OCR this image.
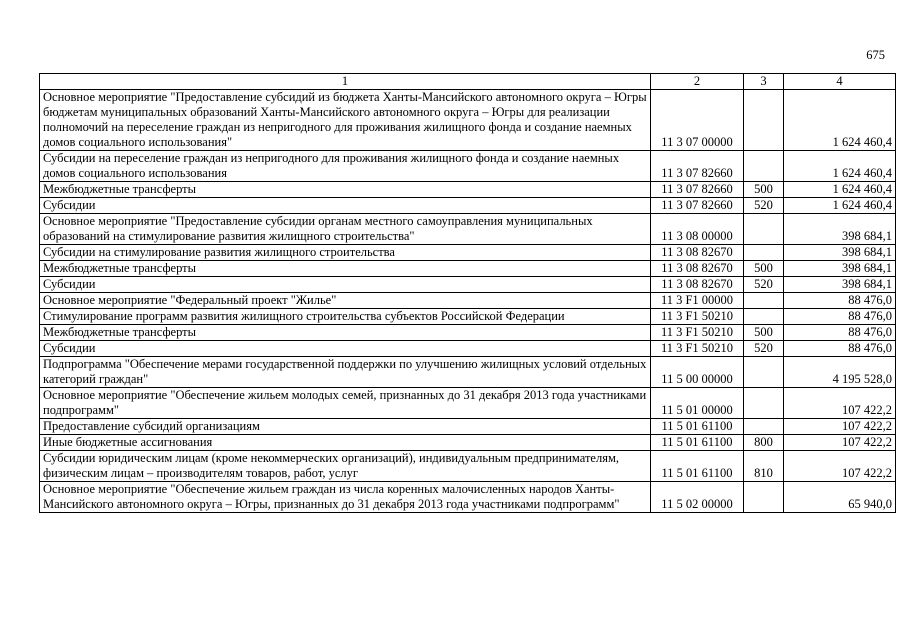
675
1	2	3	4
Основное мероприятие "Предоставление субсидий из бюджета Ханты-Мансийского автономного округа – Югры бюджетам муниципальных образований Ханты-Мансийского автономного округа – Югры для реализации полномочий на переселение граждан из непригодного для проживания жилищного фонда и создание наемных домов социального использования"	11 3 07 00000		1 624 460,4
Субсидии на переселение граждан из непригодного для проживания жилищного фонда и создание наемных домов социального использования	11 3 07 82660		1 624 460,4
Межбюджетные трансферты	11 3 07 82660	500	1 624 460,4
Субсидии	11 3 07 82660	520	1 624 460,4
Основное мероприятие "Предоставление субсидии органам местного самоуправления муниципальных образований на стимулирование развития жилищного строительства"	11 3 08 00000		398 684,1
Субсидии на стимулирование развития жилищного строительства	11 3 08 82670		398 684,1
Межбюджетные трансферты	11 3 08 82670	500	398 684,1
Субсидии	11 3 08 82670	520	398 684,1
Основное мероприятие "Федеральный проект "Жилье"	11 3 F1 00000		88 476,0
Стимулирование программ развития жилищного строительства субъектов Российской Федерации	11 3 F1 50210		88 476,0
Межбюджетные трансферты	11 3 F1 50210	500	88 476,0
Субсидии	11 3 F1 50210	520	88 476,0
Подпрограмма "Обеспечение мерами государственной поддержки по улучшению жилищных условий отдельных категорий граждан"	11 5 00 00000		4 195 528,0
Основное мероприятие "Обеспечение жильем молодых семей, признанных до 31 декабря 2013 года участниками подпрограмм"	11 5 01 00000		107 422,2
Предоставление субсидий организациям	11 5 01 61100		107 422,2
Иные бюджетные ассигнования	11 5 01 61100	800	107 422,2
Субсидии юридическим лицам (кроме некоммерческих организаций), индивидуальным предпринимателям, физическим лицам – производителям товаров, работ, услуг	11 5 01 61100	810	107 422,2
Основное мероприятие "Обеспечение жильем граждан из числа коренных малочисленных народов Ханты-Мансийского автономного округа – Югры, признанных до 31 декабря 2013 года участниками подпрограмм"	11 5 02 00000		65 940,0
